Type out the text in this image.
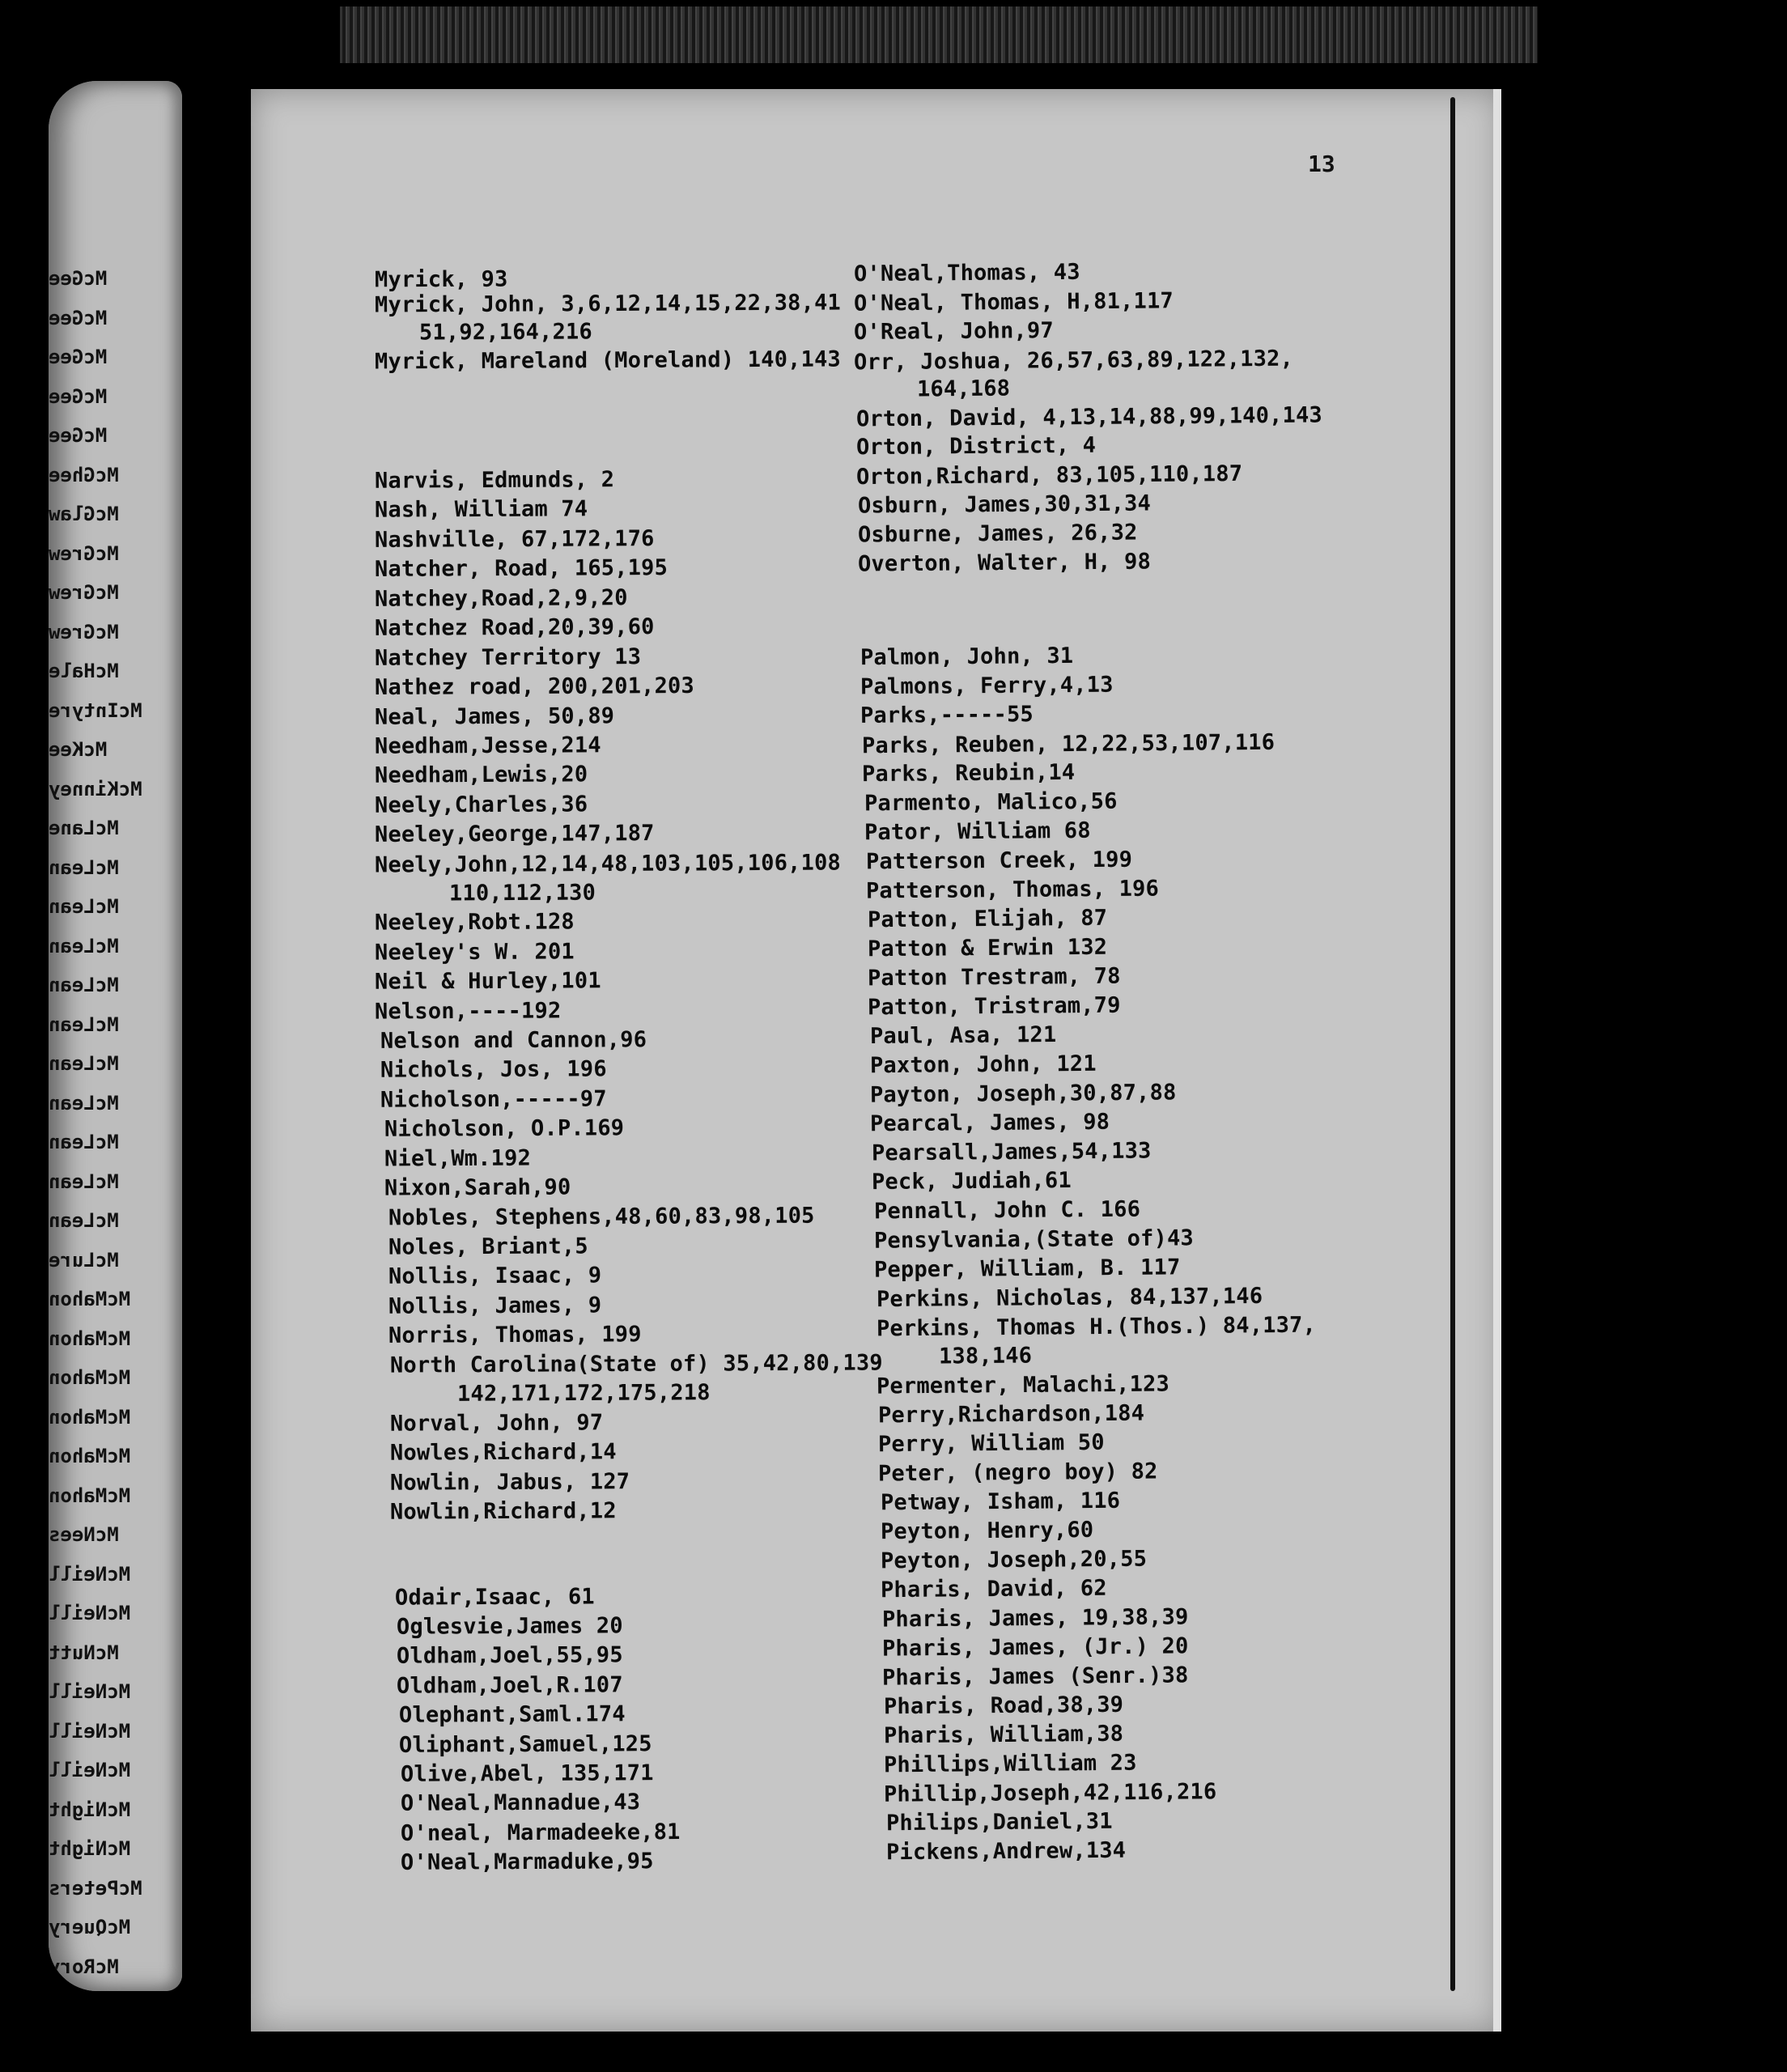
McGee
McGee
McGee
McGee
McGee
McGhee
McGlaw
McGrew
McGrew
McGrew
McHale
McIntyre
McKee
McKinney
McLane
McLean
McLean
McLean
McLean
McLean
McLean
McLean
McLean
McLean
McLean
McLure
McMahon
McMahon
McMahon
McMahon
McMahon
McMahon
McNees
McNeill
McNeill
McNutt
McNeill
McNeill
McNeill
McNight
McNight
McPeters
McQuery
McRory
13
Myrick, 93
Myrick, John, 3,6,12,14,15,22,38,41
51,92,164,216
Myrick, Mareland (Moreland) 140,143
Narvis, Edmunds, 2
Nash, William 74
Nashville, 67,172,176
Natcher, Road, 165,195
Natchey,Road,2,9,20
Natchez Road,20,39,60
Natchey Territory 13
Nathez road, 200,201,203
Neal, James, 50,89
Needham,Jesse,214
Needham,Lewis,20
Neely,Charles,36
Neeley,George,147,187
Neely,John,12,14,48,103,105,106,108
110,112,130
Neeley,Robt.128
Neeley's W. 201
Neil & Hurley,101
Nelson,----192
Nelson and Cannon,96
Nichols, Jos, 196
Nicholson,-----97
Nicholson, O.P.169
Niel,Wm.192
Nixon,Sarah,90
Nobles, Stephens,48,60,83,98,105
Noles, Briant,5
Nollis, Isaac, 9
Nollis, James, 9
Norris, Thomas, 199
North Carolina(State of) 35,42,80,139
142,171,172,175,218
Norval, John, 97
Nowles,Richard,14
Nowlin, Jabus, 127
Nowlin,Richard,12
Odair,Isaac, 61
Oglesvie,James 20
Oldham,Joel,55,95
Oldham,Joel,R.107
Olephant,Saml.174
Oliphant,Samuel,125
Olive,Abel, 135,171
O'Neal,Mannadue,43
O'neal, Marmadeeke,81
O'Neal,Marmaduke,95
O'Neal,Thomas, 43
O'Neal, Thomas, H,81,117
O'Real, John,97
Orr, Joshua, 26,57,63,89,122,132,
164,168
Orton, David, 4,13,14,88,99,140,143
Orton, District, 4
Orton,Richard, 83,105,110,187
Osburn, James,30,31,34
Osburne, James, 26,32
Overton, Walter, H, 98
Palmon, John, 31
Palmons, Ferry,4,13
Parks,-----55
Parks, Reuben, 12,22,53,107,116
Parks, Reubin,14
Parmento, Malico,56
Pator, William 68
Patterson Creek, 199
Patterson, Thomas, 196
Patton, Elijah, 87
Patton & Erwin 132
Patton Trestram, 78
Patton, Tristram,79
Paul, Asa, 121
Paxton, John, 121
Payton, Joseph,30,87,88
Pearcal, James, 98
Pearsall,James,54,133
Peck, Judiah,61
Pennall, John C. 166
Pensylvania,(State of)43
Pepper, William, B. 117
Perkins, Nicholas, 84,137,146
Perkins, Thomas H.(Thos.) 84,137,
138,146
Permenter, Malachi,123
Perry,Richardson,184
Perry, William 50
Peter, (negro boy) 82
Petway, Isham, 116
Peyton, Henry,60
Peyton, Joseph,20,55
Pharis, David, 62
Pharis, James, 19,38,39
Pharis, James, (Jr.) 20
Pharis, James (Senr.)38
Pharis, Road,38,39
Pharis, William,38
Phillips,William 23
Phillip,Joseph,42,116,216
Philips,Daniel,31
Pickens,Andrew,134
